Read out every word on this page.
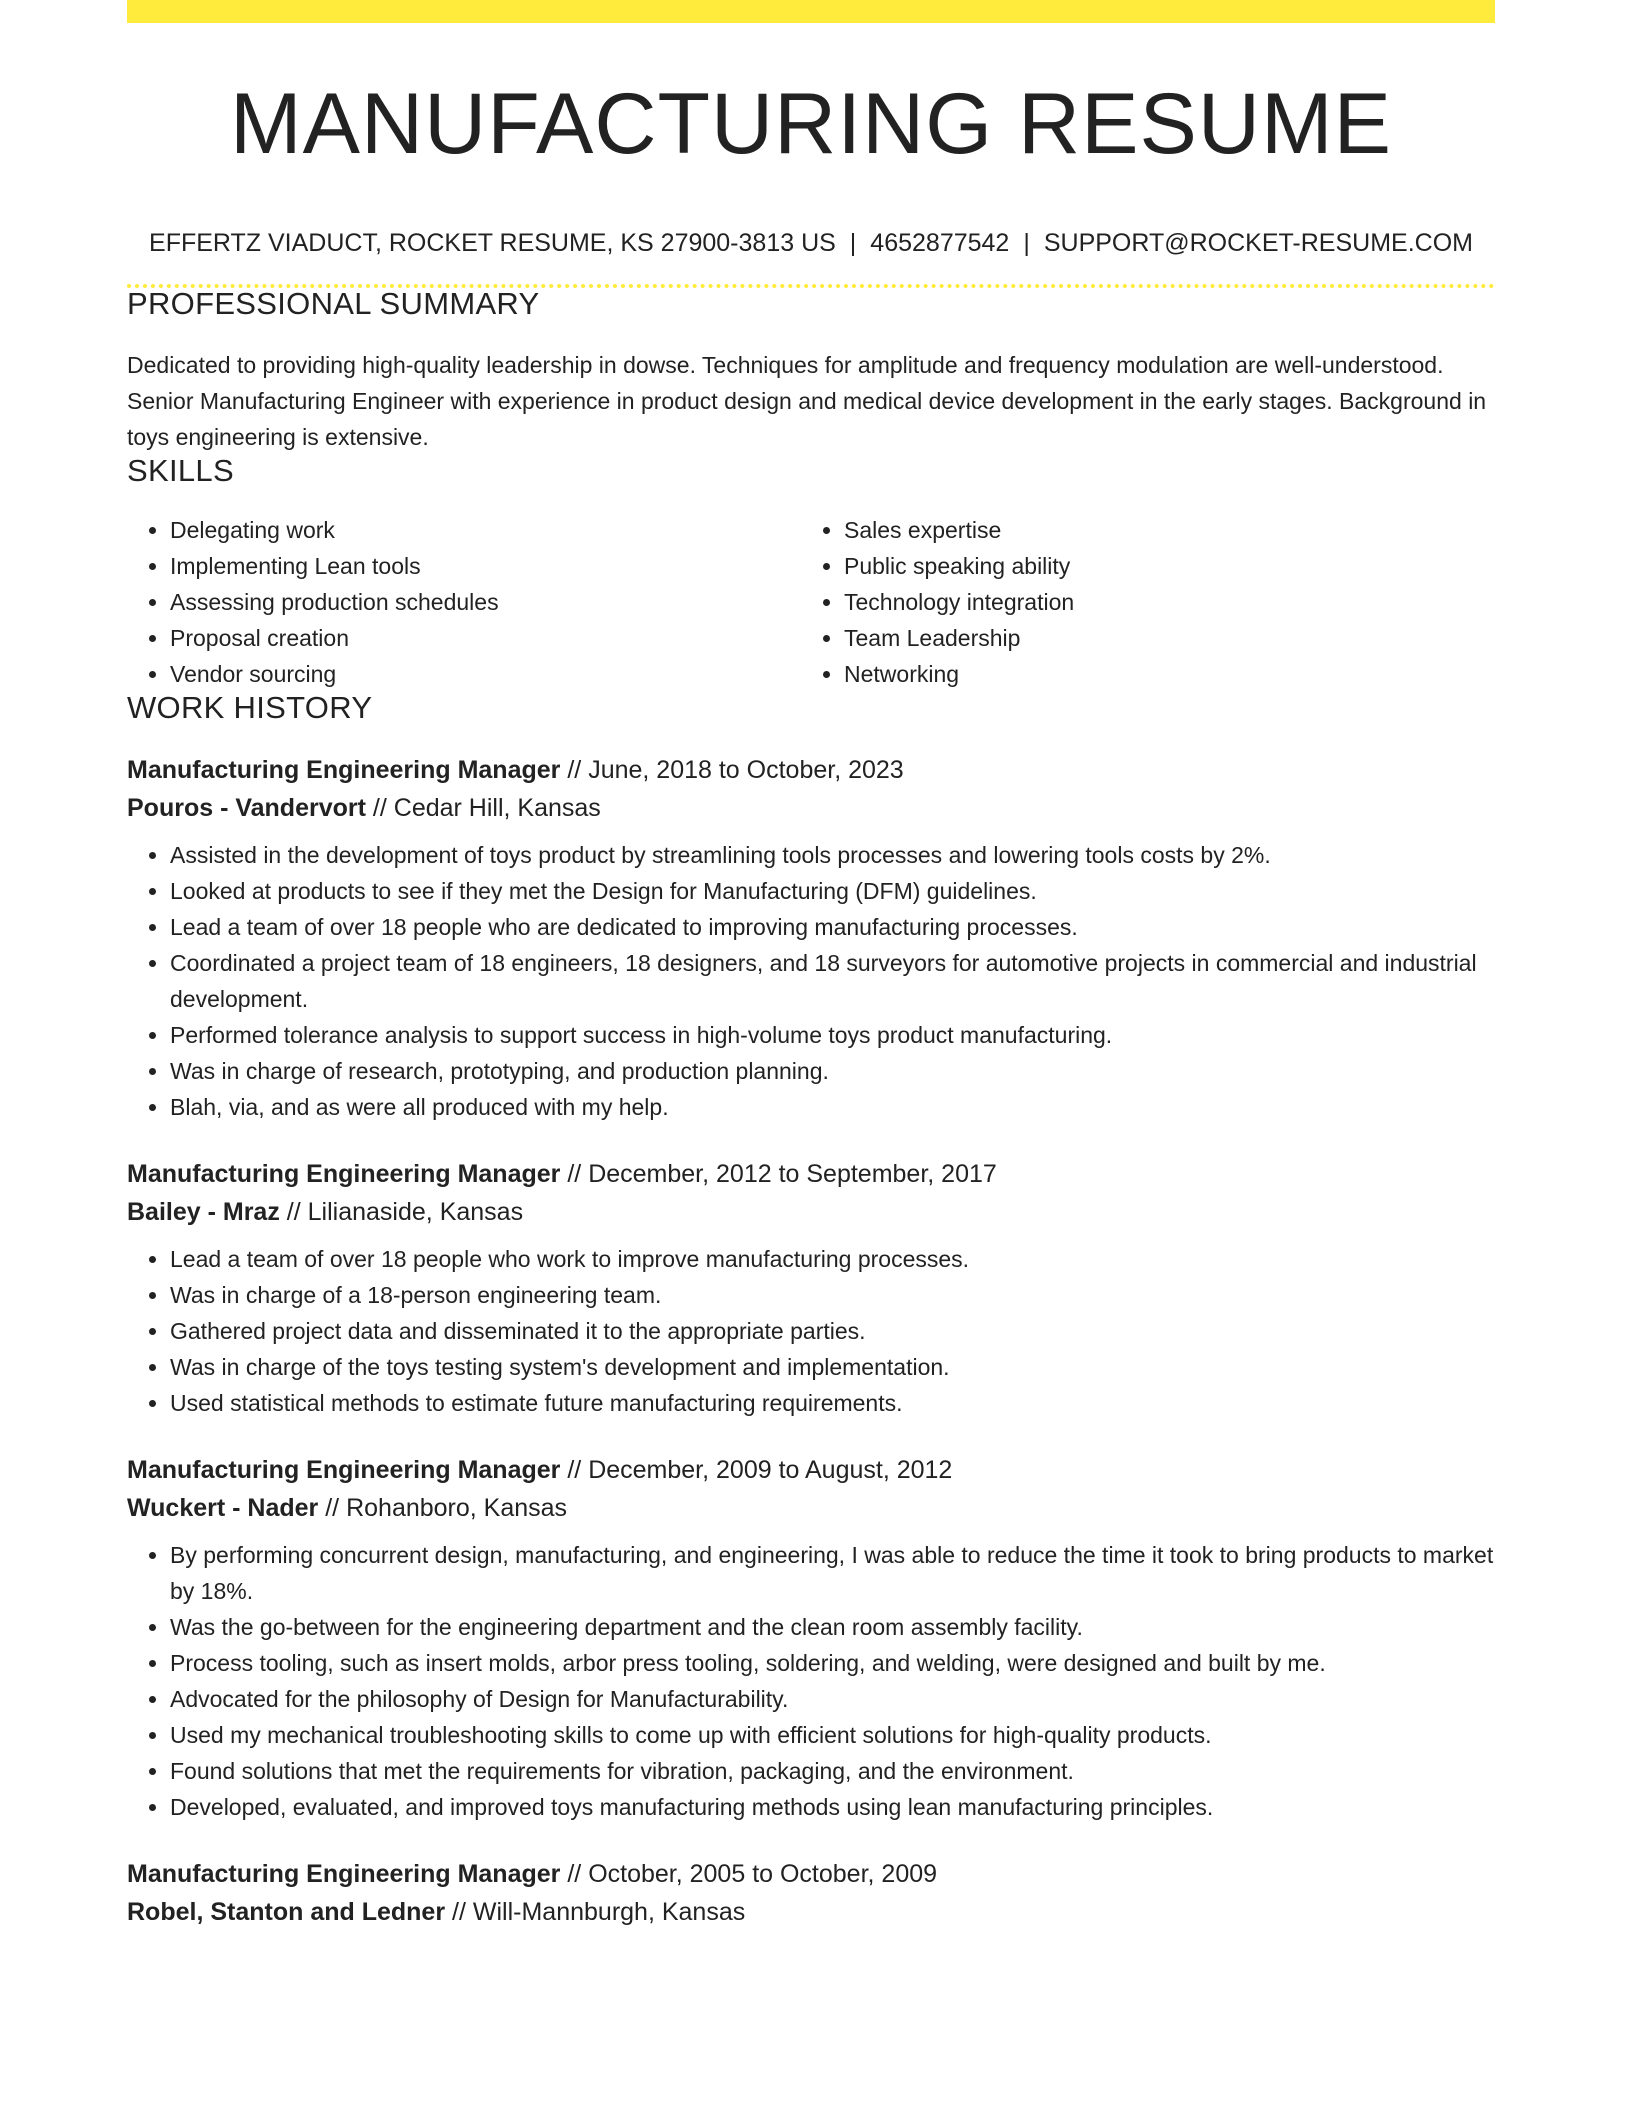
MANUFACTURING RESUME
EFFERTZ VIADUCT, ROCKET RESUME, KS 27900-3813 US | 4652877542 | SUPPORT@ROCKET-RESUME.COM
PROFESSIONAL SUMMARY

Dedicated to providing high-quality leadership in dowse. Techniques for amplitude and frequency modulation are well-understood. Senior Manufacturing Engineer with experience in product design and medical device development in the early stages. Background in toys engineering is extensive.

SKILLS
• Delegating work
• Implementing Lean tools
• Assessing production schedules
• Proposal creation
• Vendor sourcing
• Sales expertise
• Public speaking ability
• Technology integration
• Team Leadership
• Networking
WORK HISTORY
Manufacturing Engineering Manager // June, 2018 to October, 2023
Pouros - Vandervort // Cedar Hill, Kansas
• Assisted in the development of toys product by streamlining tools processes and lowering tools costs by 2%.
• Looked at products to see if they met the Design for Manufacturing (DFM) guidelines.
• Lead a team of over 18 people who are dedicated to improving manufacturing processes.
• Coordinated a project team of 18 engineers, 18 designers, and 18 surveyors for automotive projects in commercial and industrial development.
• Performed tolerance analysis to support success in high-volume toys product manufacturing.
• Was in charge of research, prototyping, and production planning.
• Blah, via, and as were all produced with my help.
Manufacturing Engineering Manager // December, 2012 to September, 2017
Bailey - Mraz // Lilianaside, Kansas
• Lead a team of over 18 people who work to improve manufacturing processes.
• Was in charge of a 18-person engineering team.
• Gathered project data and disseminated it to the appropriate parties.
• Was in charge of the toys testing system's development and implementation.
• Used statistical methods to estimate future manufacturing requirements.
Manufacturing Engineering Manager // December, 2009 to August, 2012
Wuckert - Nader // Rohanboro, Kansas
• By performing concurrent design, manufacturing, and engineering, I was able to reduce the time it took to bring products to market by 18%.
• Was the go-between for the engineering department and the clean room assembly facility.
• Process tooling, such as insert molds, arbor press tooling, soldering, and welding, were designed and built by me.
• Advocated for the philosophy of Design for Manufacturability.
• Used my mechanical troubleshooting skills to come up with efficient solutions for high-quality products.
• Found solutions that met the requirements for vibration, packaging, and the environment.
• Developed, evaluated, and improved toys manufacturing methods using lean manufacturing principles.
Manufacturing Engineering Manager // October, 2005 to October, 2009
Robel, Stanton and Ledner // Will-Mannburgh, Kansas
